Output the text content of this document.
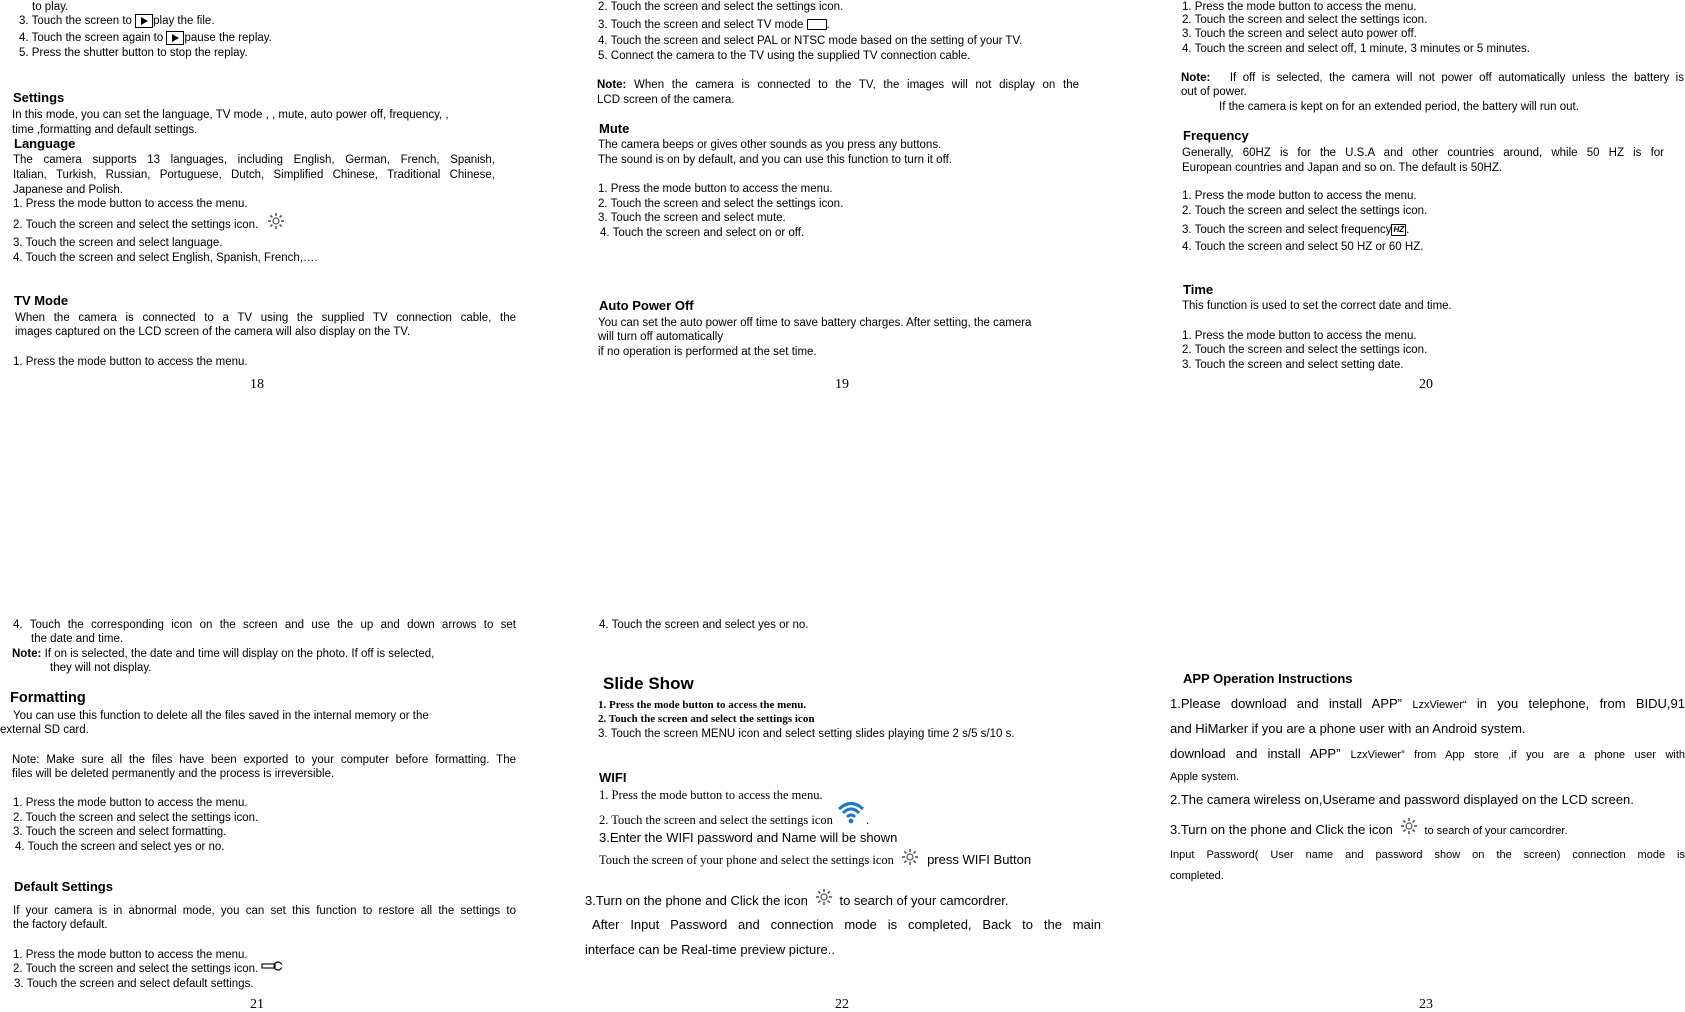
to play.
3. Touch the screen to play the file.
4. Touch the screen again to pause the replay.
5. Press the shutter button to stop the replay.
Settings
In this mode, you can set the language, TV mode , , mute, auto power off, frequency, ,
time ,formatting and default settings.
Language
The camera supports 13 languages, including English, German, French, Spanish,
Italian, Turkish, Russian, Portuguese, Dutch, Simplified Chinese, Traditional Chinese,
Japanese and Polish.
1. Press the mode button to access the menu.
2. Touch the screen and select the settings icon.
3. Touch the screen and select language.
4. Touch the screen and select English, Spanish, French,….
TV Mode
When the camera is connected to a TV using the supplied TV connection cable, the
images captured on the LCD screen of the camera will also display on the TV.
1. Press the mode button to access the menu.
18
2. Touch the screen and select the settings icon.
3. Touch the screen and select TV mode .
4. Touch the screen and select PAL or NTSC mode based on the setting of your TV.
5. Connect the camera to the TV using the supplied TV connection cable.
Note: When the camera is connected to the TV, the images will not display on the
LCD screen of the camera.
Mute
The camera beeps or gives other sounds as you press any buttons.
The sound is on by default, and you can use this function to turn it off.
1. Press the mode button to access the menu.
2. Touch the screen and select the settings icon.
3. Touch the screen and select mute.
4. Touch the screen and select on or off.
Auto Power Off
You can set the auto power off time to save battery charges. After setting, the camera
will turn off automatically
if no operation is performed at the set time.
19
1. Press the mode button to access the menu.
2. Touch the screen and select the settings icon.
3. Touch the screen and select auto power off.
4. Touch the screen and select off, 1 minute, 3 minutes or 5 minutes.
Note: If off is selected, the camera will not power off automatically unless the battery is
out of power.
If the camera is kept on for an extended period, the battery will run out.
Frequency
Generally, 60HZ is for the U.S.A and other countries around, while 50 HZ is for
European countries and Japan and so on. The default is 50HZ.
1. Press the mode button to access the menu.
2. Touch the screen and select the settings icon.
3. Touch the screen and select frequency HZ .
4. Touch the screen and select 50 HZ or 60 HZ.
Time
This function is used to set the correct date and time.
1. Press the mode button to access the menu.
2. Touch the screen and select the settings icon.
3. Touch the screen and select setting date.
20
4. Touch the corresponding icon on the screen and use the up and down arrows to set
the date and time.
Note: If on is selected, the date and time will display on the photo. If off is selected,
they will not display.
Formatting
You can use this function to delete all the files saved in the internal memory or the
external SD card.
Note: Make sure all the files have been exported to your computer before formatting. The
files will be deleted permanently and the process is irreversible.
1. Press the mode button to access the menu.
2. Touch the screen and select the settings icon.
3. Touch the screen and select formatting.
4. Touch the screen and select yes or no.
Default Settings
If your camera is in abnormal mode, you can set this function to restore all the settings to
the factory default.
1. Press the mode button to access the menu.
2. Touch the screen and select the settings icon.
3. Touch the screen and select default settings.
21
4. Touch the screen and select yes or no.
Slide Show
1. Press the mode button to access the menu.
2. Touch the screen and select the settings icon
3. Touch the screen MENU icon and select setting slides playing time 2 s/5 s/10 s.
WIFI
1. Press the mode button to access the menu.
2. Touch the screen and select the settings icon	.
3.Enter the WIFI password and Name will be shown
Touch the screen of your phone and select the settings icon	press WIFI Button
3.Turn on the phone and Click the icon to search of your camcordrer.
After Input Password and connection mode is completed, Back to the main
interface can be Real-time preview picture..
22
APP Operation Instructions
1.Please download and install APP” LzxViewer“ in you telephone, from BIDU,91
and HiMarker if you are a phone user with an Android system.
download and install APP” LzxViewer” from App store ,if you are a phone user with
Apple system.
2.The camera wireless on,Userame and password displayed on the LCD screen.
3.Turn on the phone and Click the icon	to search of your camcordrer.
Input Password( User name and password show on the screen) connection mode is
completed.
23
